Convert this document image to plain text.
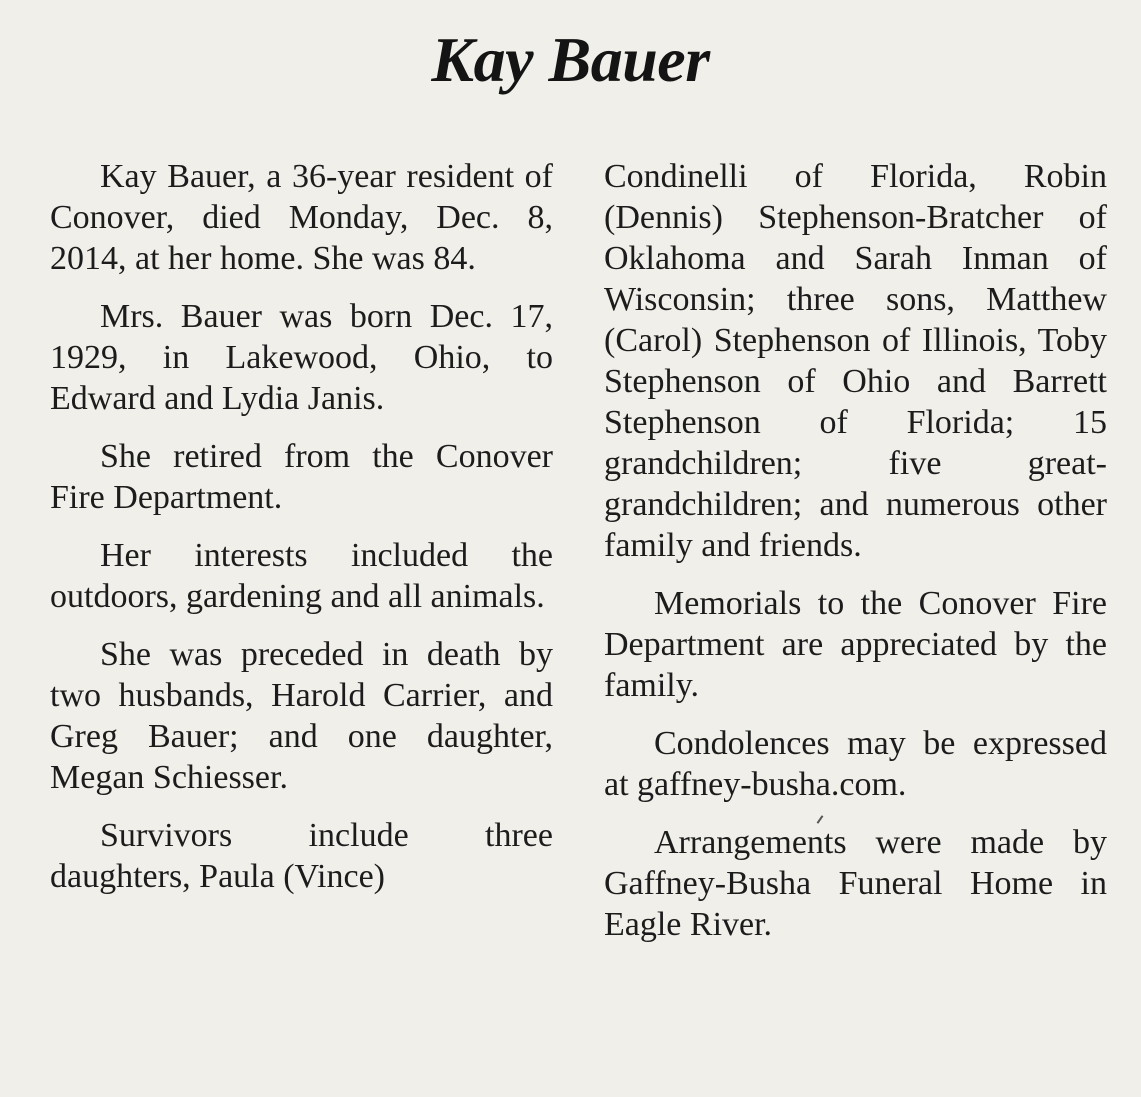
Kay Bauer

Kay Bauer, a 36-year resident of Conover, died Monday, Dec. 8, 2014, at her home. She was 84.

Mrs. Bauer was born Dec. 17, 1929, in Lakewood, Ohio, to Edward and Lydia Janis.

She retired from the Conover Fire Department.

Her interests included the outdoors, gardening and all animals.

She was preceded in death by two husbands, Harold Carrier, and Greg Bauer; and one daughter, Megan Schiesser.

Survivors include three daughters, Paula (Vince)

Condinelli of Florida, Robin (Dennis) Stephenson-Bratcher of Oklahoma and Sarah Inman of Wisconsin; three sons, Matthew (Carol) Stephenson of Illinois, Toby Stephenson of Ohio and Barrett Stephenson of Florida; 15 grandchildren; five great-grandchildren; and numerous other family and friends.

Memorials to the Conover Fire Department are appreciated by the family.

Condolences may be expressed at gaffney-busha.com.

Arrangements were made by Gaffney-Busha Funeral Home in Eagle River.
